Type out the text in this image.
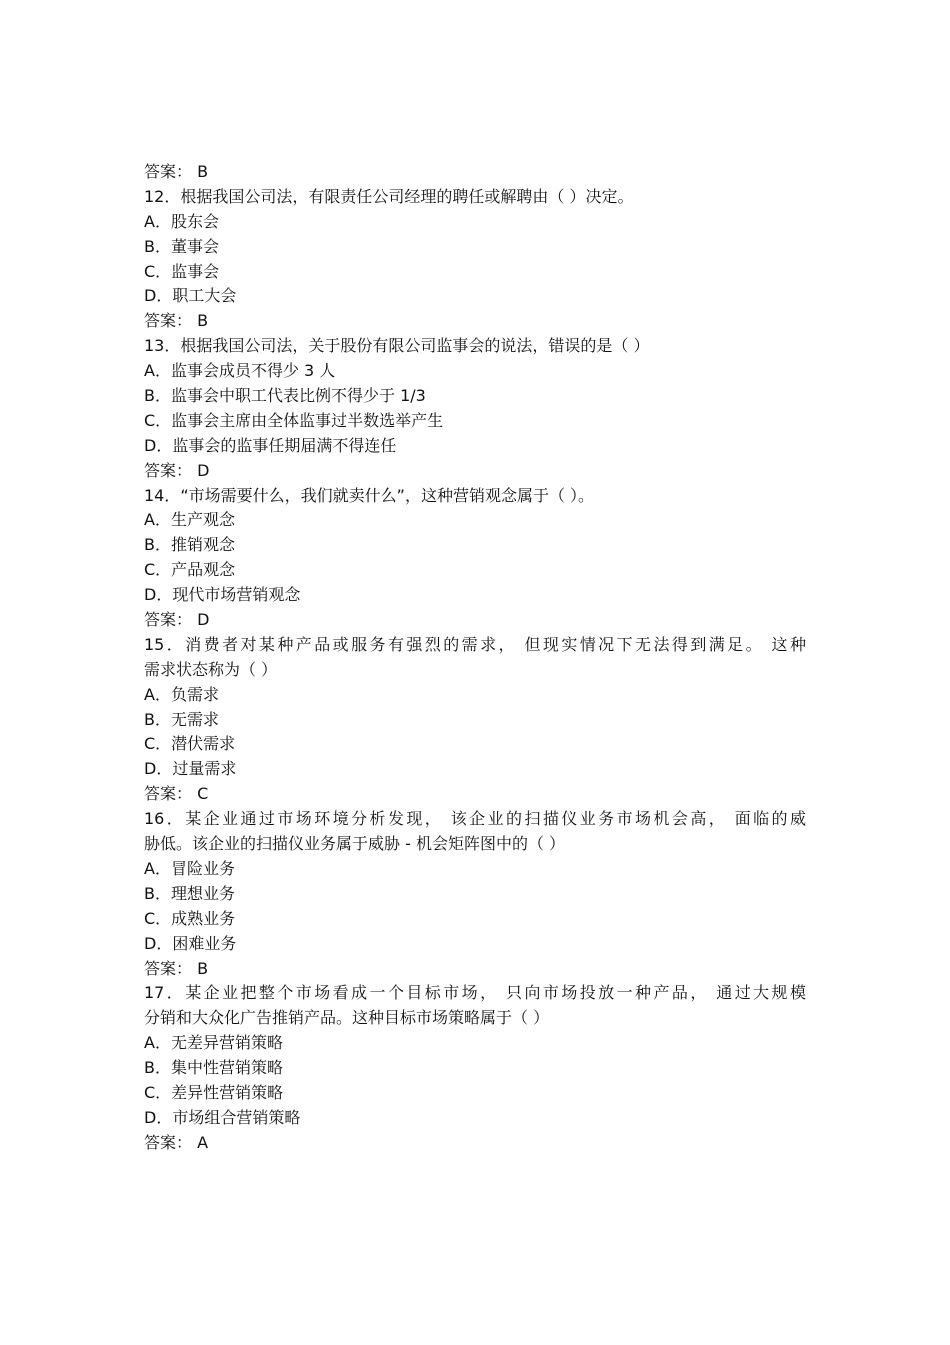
答案： B

12．根据我国公司法，有限责任公司经理的聘任或解聘由（ ）决定。

A．股东会

B．董事会

C．监事会

D．职工大会

答案： B

13．根据我国公司法，关于股份有限公司监事会的说法，错误的是（ ）

A．监事会成员不得少 3 人

B．监事会中职工代表比例不得少于 1/3

C．监事会主席由全体监事过半数选举产生

D．监事会的监事任期届满不得连任

答案： D

14．“市场需要什么，我们就卖什么”，这种营销观念属于（ ）。

A．生产观念

B．推销观念

C．产品观念

D．现代市场营销观念

答案： D

15．消费者对某种产品或服务有强烈的需求， 但现实情况下无法得到满足。 这种

需求状态称为（ ）

A．负需求

B．无需求

C．潜伏需求

D．过量需求

答案： C

16．某企业通过市场环境分析发现， 该企业的扫描仪业务市场机会高， 面临的威

胁低。该企业的扫描仪业务属于威胁 - 机会矩阵图中的（ ）

A．冒险业务

B．理想业务

C．成熟业务

D．困难业务

答案： B

17．某企业把整个市场看成一个目标市场， 只向市场投放一种产品， 通过大规模

分销和大众化广告推销产品。这种目标市场策略属于（ ）

A．无差异营销策略

B．集中性营销策略

C．差异性营销策略

D．市场组合营销策略

答案： A
